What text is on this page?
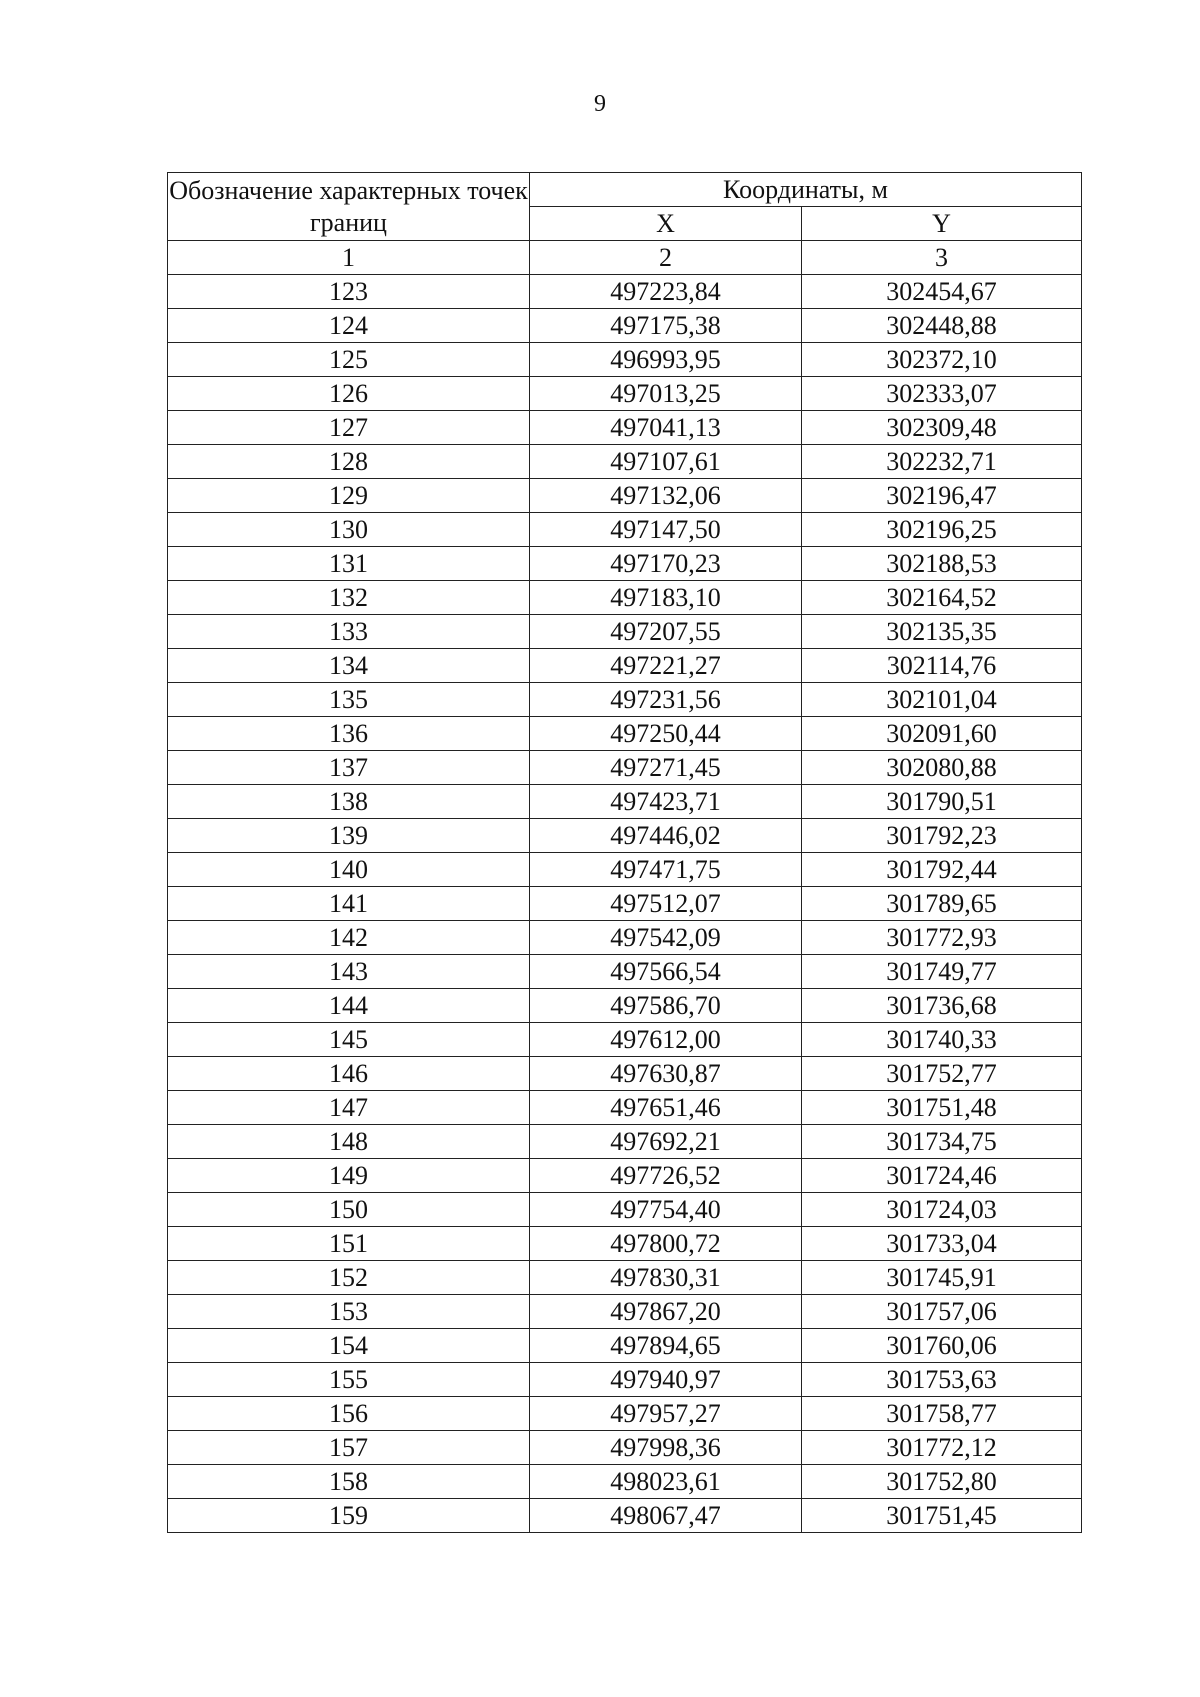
9
Обозначение характерных точек границ	Координаты, м	
	X	Y
1	2	3
123	497223,84	302454,67
124	497175,38	302448,88
125	496993,95	302372,10
126	497013,25	302333,07
127	497041,13	302309,48
128	497107,61	302232,71
129	497132,06	302196,47
130	497147,50	302196,25
131	497170,23	302188,53
132	497183,10	302164,52
133	497207,55	302135,35
134	497221,27	302114,76
135	497231,56	302101,04
136	497250,44	302091,60
137	497271,45	302080,88
138	497423,71	301790,51
139	497446,02	301792,23
140	497471,75	301792,44
141	497512,07	301789,65
142	497542,09	301772,93
143	497566,54	301749,77
144	497586,70	301736,68
145	497612,00	301740,33
146	497630,87	301752,77
147	497651,46	301751,48
148	497692,21	301734,75
149	497726,52	301724,46
150	497754,40	301724,03
151	497800,72	301733,04
152	497830,31	301745,91
153	497867,20	301757,06
154	497894,65	301760,06
155	497940,97	301753,63
156	497957,27	301758,77
157	497998,36	301772,12
158	498023,61	301752,80
159	498067,47	301751,45
